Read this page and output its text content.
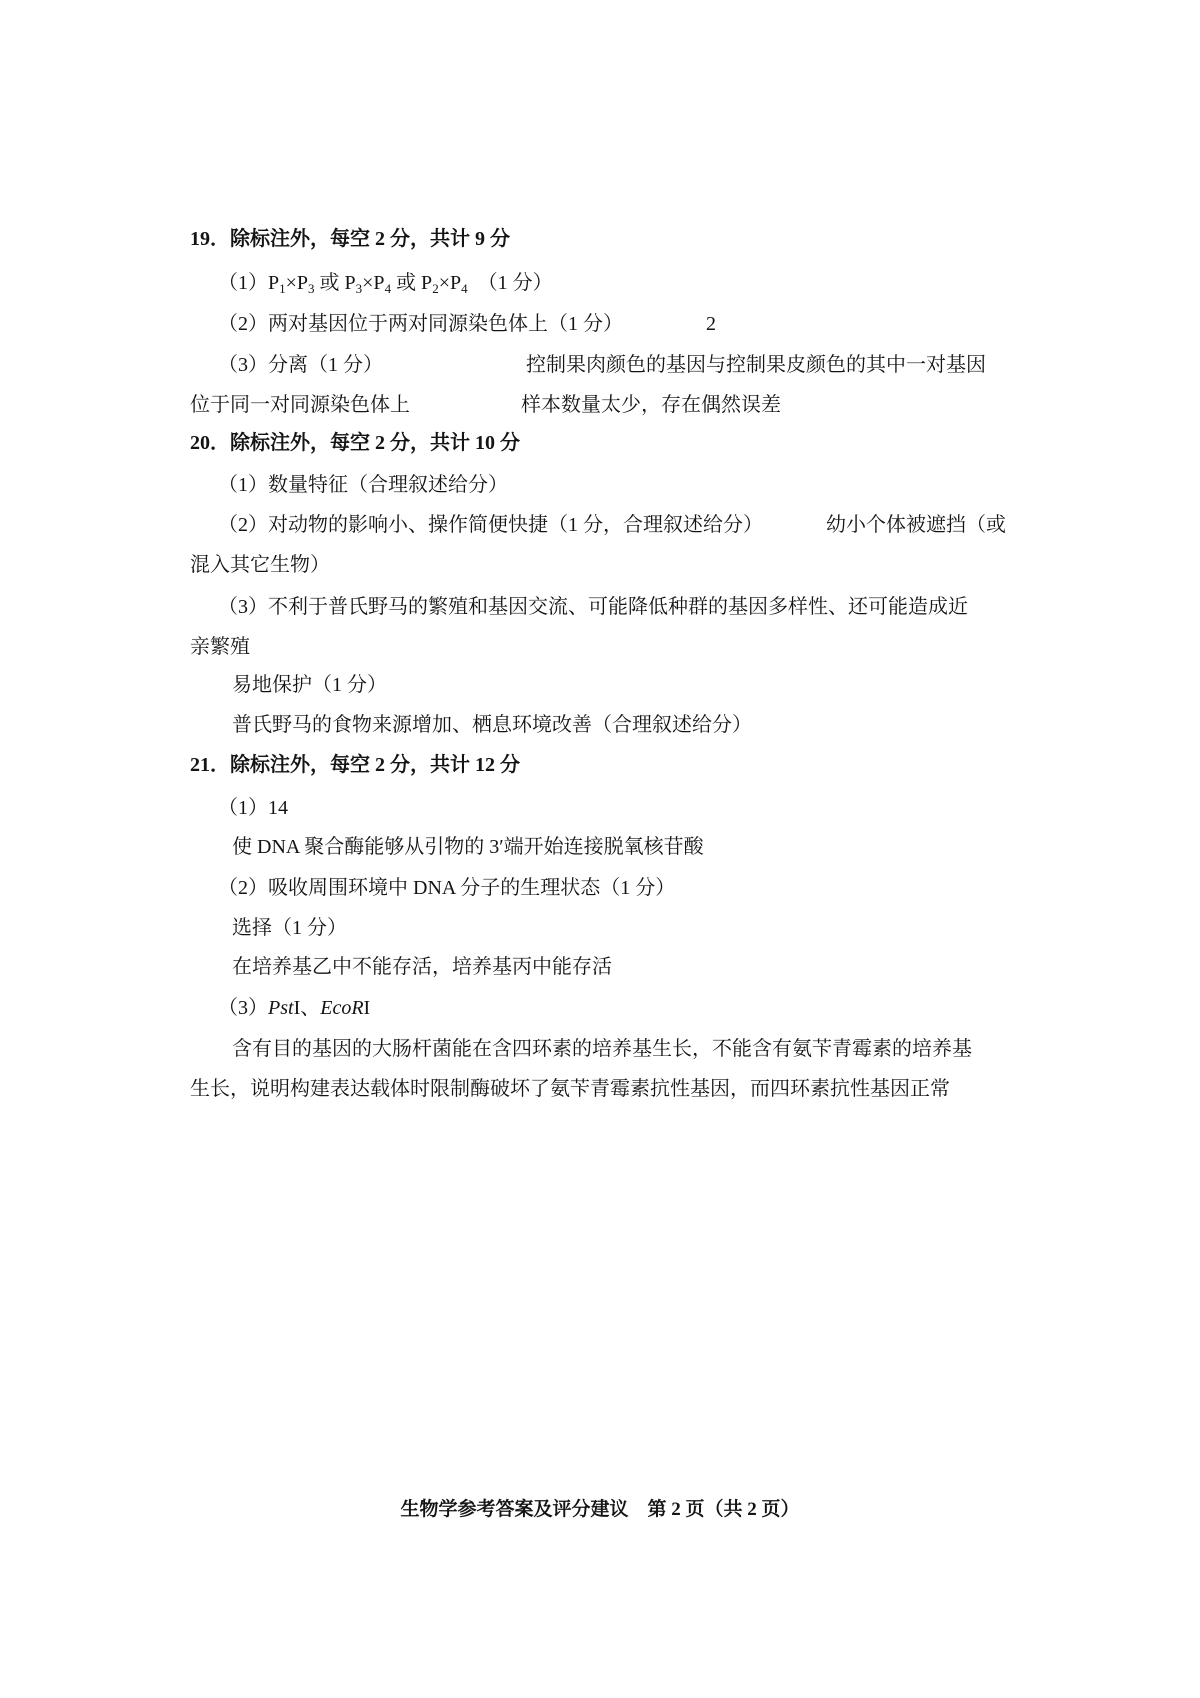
19．除标注外，每空 2 分，共计 9 分
$(1)P_1\times P_3$ 或 $P_3\times P_4$ 或 $P_2\times P_4$  （1 分）
（2）两对基因位于两对同源染色体上（1 分）	2
（3）分离（1 分）	控制果肉颜色的基因与控制果皮颜色的其中一对基因
位于同一对同源染色体上	样本数量太少，存在偶然误差
20．除标注外，每空 2 分，共计 10 分
（1）数量特征（合理叙述给分）
（2）对动物的影响小、操作简便快捷（1 分，合理叙述给分）	幼小个体被遮挡（或
混入其它生物）
（3）不利于普氏野马的繁殖和基因交流、可能降低种群的基因多样性、还可能造成近
亲繁殖
易地保护（1 分）
普氏野马的食物来源增加、栖息环境改善（合理叙述给分）
21．除标注外，每空 2 分，共计 12 分
（1）14
使 DNA 聚合酶能够从引物的 3′端开始连接脱氧核苷酸
（2）吸收周围环境中 DNA 分子的生理状态（1 分）
选择（1 分）
在培养基乙中不能存活，培养基丙中能存活
（3）PstI、EcoRI
含有目的基因的大肠杆菌能在含四环素的培养基生长，不能含有氨苄青霉素的培养基
生长，说明构建表达载体时限制酶破坏了氨苄青霉素抗性基因，而四环素抗性基因正常
生物学参考答案及评分建议　第 2 页（共 2 页）
